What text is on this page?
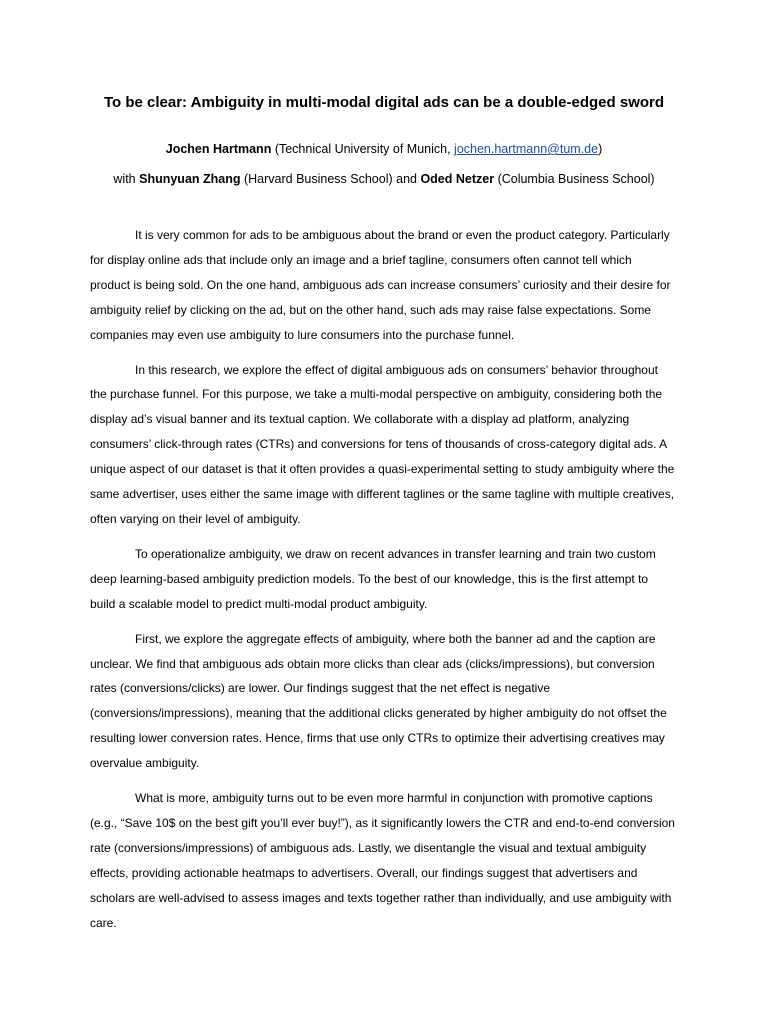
To be clear: Ambiguity in multi-modal digital ads can be a double-edged sword
Jochen Hartmann (Technical University of Munich, jochen.hartmann@tum.de)
with Shunyuan Zhang (Harvard Business School) and Oded Netzer (Columbia Business School)

It is very common for ads to be ambiguous about the brand or even the product category. Particularly for display online ads that include only an image and a brief tagline, consumers often cannot tell which product is being sold. On the one hand, ambiguous ads can increase consumers’ curiosity and their desire for ambiguity relief by clicking on the ad, but on the other hand, such ads may raise false expectations. Some companies may even use ambiguity to lure consumers into the purchase funnel.

In this research, we explore the effect of digital ambiguous ads on consumers’ behavior throughout the purchase funnel. For this purpose, we take a multi-modal perspective on ambiguity, considering both the display ad’s visual banner and its textual caption. We collaborate with a display ad platform, analyzing consumers’ click-through rates (CTRs) and conversions for tens of thousands of cross-category digital ads. A unique aspect of our dataset is that it often provides a quasi-experimental setting to study ambiguity where the same advertiser, uses either the same image with different taglines or the same tagline with multiple creatives, often varying on their level of ambiguity.

To operationalize ambiguity, we draw on recent advances in transfer learning and train two custom deep learning-based ambiguity prediction models. To the best of our knowledge, this is the first attempt to build a scalable model to predict multi-modal product ambiguity.

First, we explore the aggregate effects of ambiguity, where both the banner ad and the caption are unclear. We find that ambiguous ads obtain more clicks than clear ads (clicks/impressions), but conversion rates (conversions/clicks) are lower. Our findings suggest that the net effect is negative (conversions/impressions), meaning that the additional clicks generated by higher ambiguity do not offset the resulting lower conversion rates. Hence, firms that use only CTRs to optimize their advertising creatives may overvalue ambiguity.

What is more, ambiguity turns out to be even more harmful in conjunction with promotive captions (e.g., “Save 10$ on the best gift you’ll ever buy!”), as it significantly lowers the CTR and end-to-end conversion rate (conversions/impressions) of ambiguous ads. Lastly, we disentangle the visual and textual ambiguity effects, providing actionable heatmaps to advertisers. Overall, our findings suggest that advertisers and scholars are well-advised to assess images and texts together rather than individually, and use ambiguity with care.
